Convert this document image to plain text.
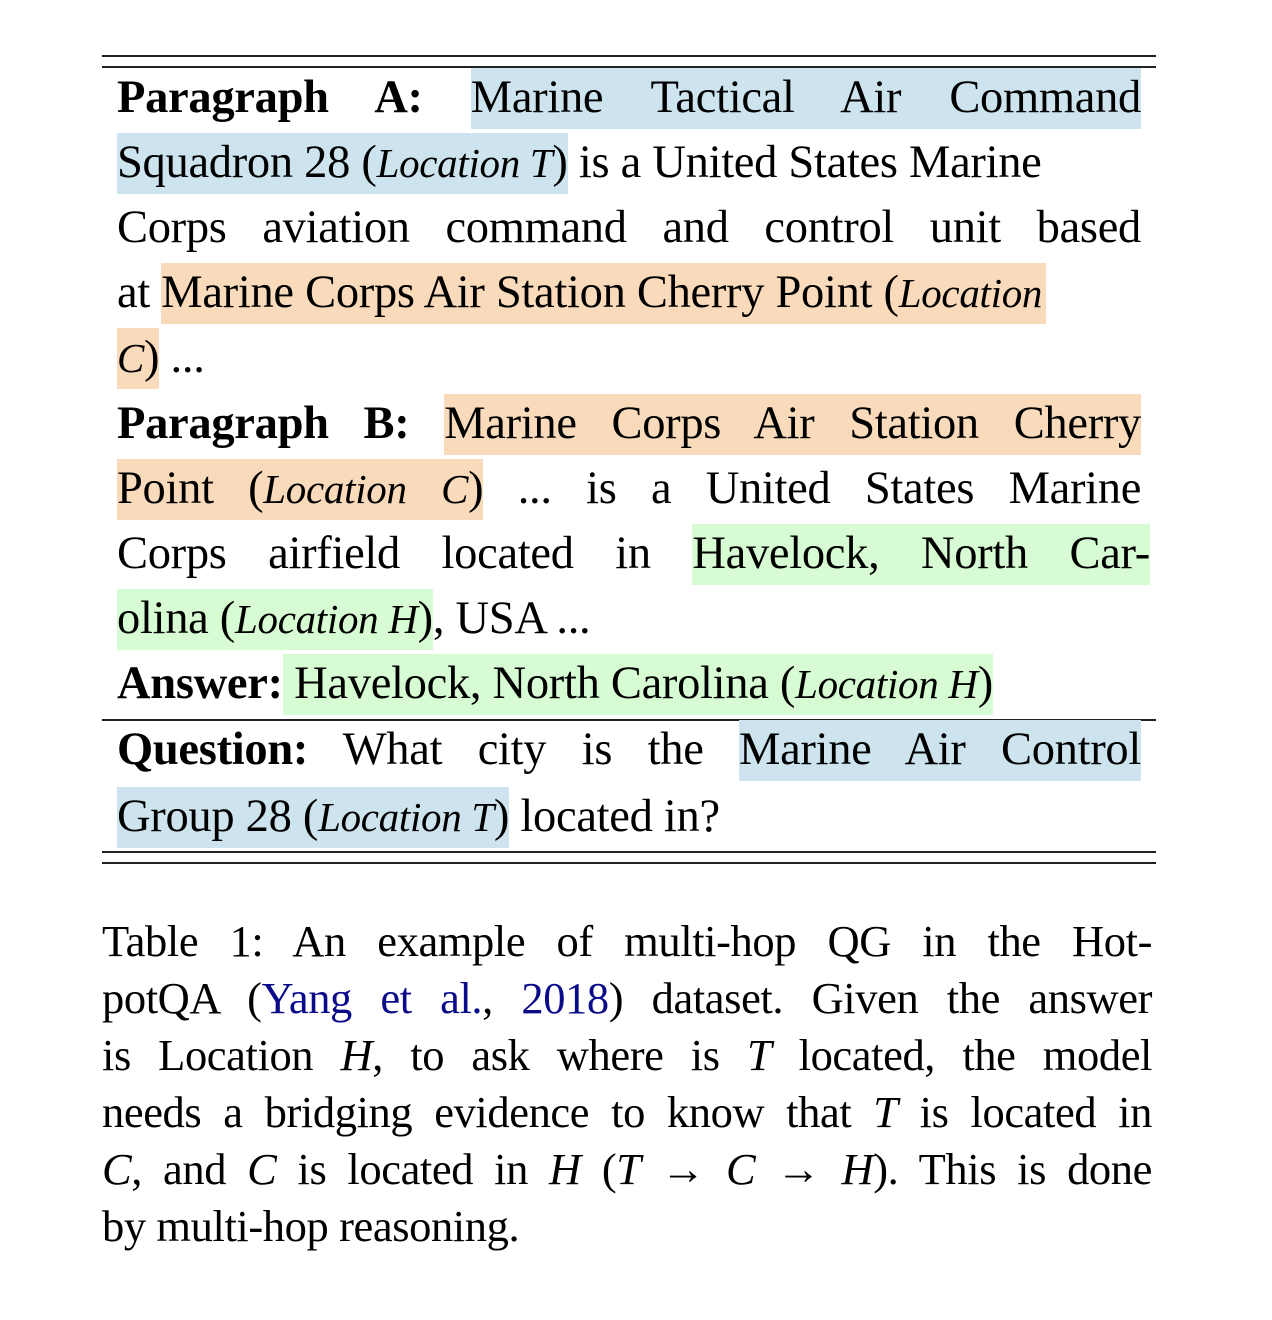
Paragraph A: Marine Tactical Air Command
Squadron 28 (Location T) is a United States Marine
Corps aviation command and control unit based
at Marine Corps Air Station Cherry Point (Location
C) ...
Paragraph B: Marine Corps Air Station Cherry
Point (Location C) ... is a United States Marine
Corps airfield located in Havelock, North Car-
olina (Location H), USA ...
Answer: Havelock, North Carolina (Location H)
Question: What city is the Marine Air Control
Group 28 (Location T) located in?
Table 1: An example of multi-hop QG in the Hot-
potQA (Yang et al., 2018) dataset. Given the answer
is Location H, to ask where is T located, the model
needs a bridging evidence to know that T is located in
C, and C is located in H (T → C → H). This is done
by multi-hop reasoning.
